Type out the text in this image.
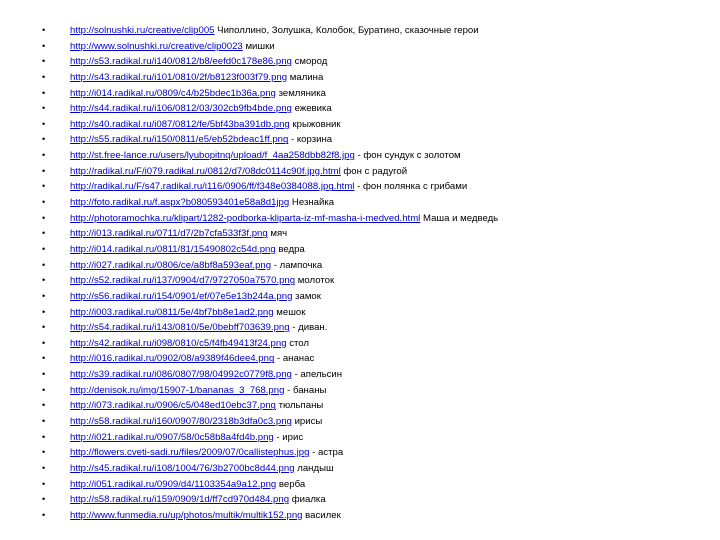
•	http://solnushki.ru/creative/clip005 Чиполлино, Золушка, Колобок, Буратино, сказочные герои
•	http://www.solnushki.ru/creative/clip0023 мишки
•	http://s53.radikal.ru/i140/0812/b8/eefd0c178e86.png смород
•	http://s43.radikal.ru/i101/0810/2f/b8123f003f79.png малина
•	http://i014.radikal.ru/0809/c4/b25bdec1b36a.png земляника
•	http://s44.radikal.ru/i106/0812/03/302cb9fb4bde.png ежевика
•	http://s40.radikal.ru/i087/0812/fe/5bf43ba391db.png крыжовник
•	http://s55.radikal.ru/i150/0811/e5/eb52bdeac1ff.png - корзина
•	http://st.free-lance.ru/users/lyubopitnq/upload/f_4aa258dbb82f8.jpg - фон сундук с золотом
•	http://radikal.ru/F/i079.radikal.ru/0812/d7/08dc0114c90f.jpg.html фон с радугой
•	http://radikal.ru/F/s47.radikal.ru/i116/0906/ff/f348e0384088.jpg.html - фон полянка с грибами
•	http://foto.radikal.ru/f.aspx?b080593401e58a8d1jpg Незнайка
•	http://photoramochka.ru/klipart/1282-podborka-kliparta-iz-mf-masha-i-medved.html Маша и медведь
•	http://i013.radikal.ru/0711/d7/2b7cfa533f3f.png мяч
•	http://i014.radikal.ru/0811/81/15490802c54d.png ведра
•	http://i027.radikal.ru/0806/ce/a8bf8a593eaf.png - лампочка
•	http://s52.radikal.ru/i137/0904/d7/9727050a7570.png молоток
•	http://s56.radikal.ru/i154/0901/ef/07e5e13b244a.png замок
•	http://i003.radikal.ru/0811/5e/4bf7bb8e1ad2.png мешок
•	http://s54.radikal.ru/i143/0810/5e/0bebff703639.png - диван.
•	http://s42.radikal.ru/i098/0810/c5/f4fb49413f24.png стол
•	http://i016.radikal.ru/0902/08/a9389f46dee4.png - ананас
•	http://s39.radikal.ru/i086/0807/98/04992c0779f8.png - апельсин
•	http://denisok.ru/img/15907-1/bananas_3_768.png - бананы
•	http://i073.radikal.ru/0906/c5/048ed10ebc37.png тюльпаны
•	http://s58.radikal.ru/i160/0907/80/2318b3dfa0c3.png ирисы
•	http://i021.radikal.ru/0907/58/0c58b8a4fd4b.png - ирис
•	http://flowers.cveti-sadi.ru/files/2009/07/0callistephus.jpg - астра
•	http://s45.radikal.ru/i108/1004/76/3b2700bc8d44.png ландыш
•	http://i051.radikal.ru/0909/d4/1103354a9a12.png верба
•	http://s58.radikal.ru/i159/0909/1d/ff7cd970d484.png фиалка
•	http://www.funmedia.ru/up/photos/multik/multik152.png василек
